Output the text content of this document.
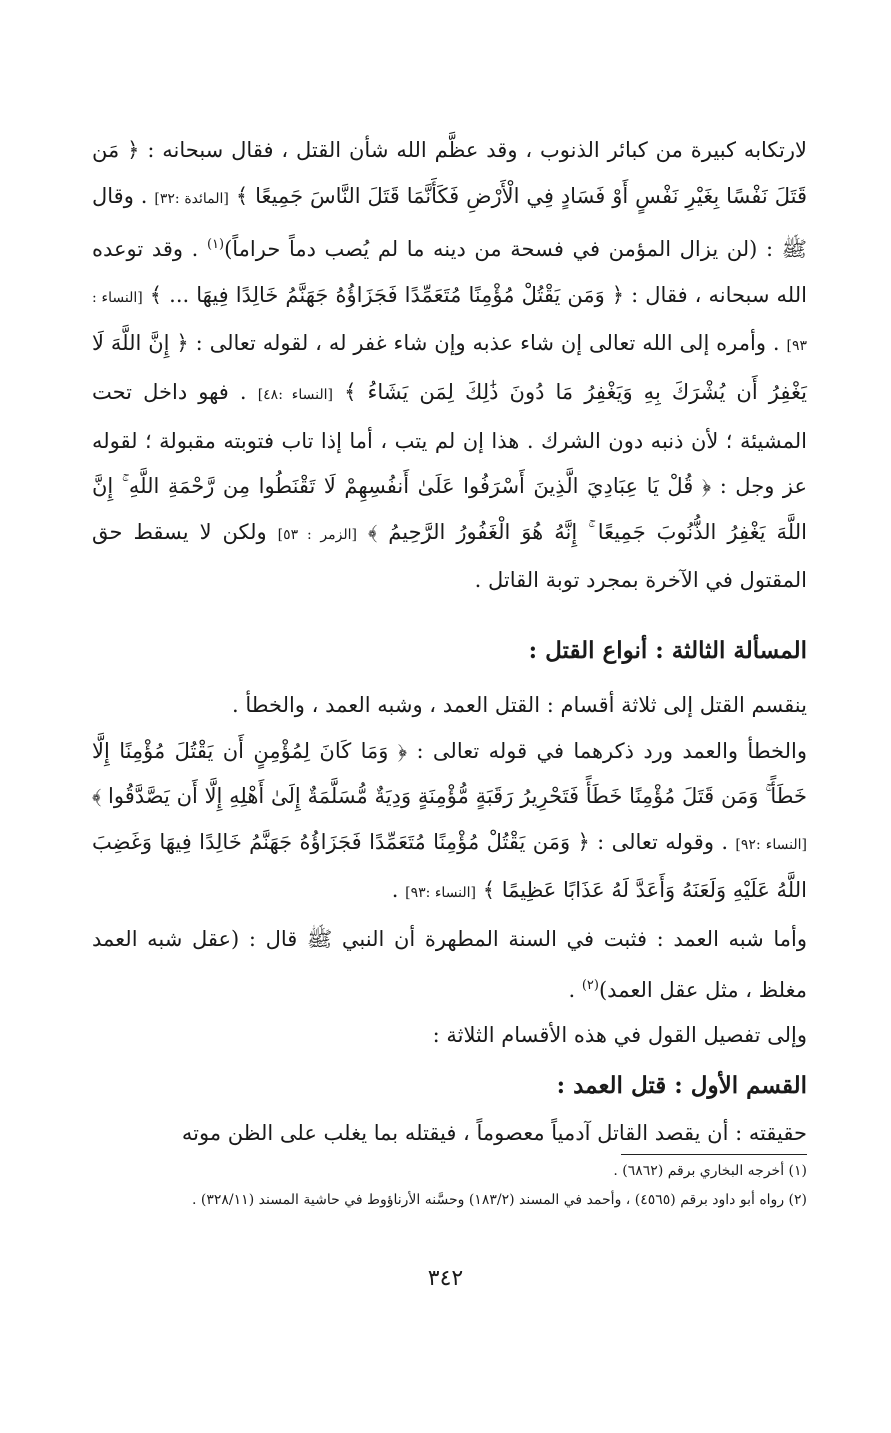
لارتكابه كبيرة من كبائر الذنوب ، وقد عظَّم الله شأن القتل ، فقال سبحانه : ﴿ مَن قَتَلَ نَفْسًا بِغَيْرِ نَفْسٍ أَوْ فَسَادٍ فِي الْأَرْضِ فَكَأَنَّمَا قَتَلَ النَّاسَ جَمِيعًا ﴾ [المائدة :٣٢] . وقال ﷺ : (لن يزال المؤمن في فسحة من دينه ما لم يُصب دماً حراماً)$^{(١)}$ . وقد توعده الله سبحانه ، فقال : ﴿ وَمَن يَقْتُلْ مُؤْمِنًا مُتَعَمِّدًا فَجَزَاؤُهُ جَهَنَّمُ خَالِدًا فِيهَا ... ﴾ [النساء : ٩٣] . وأمره إلى الله تعالى إن شاء عذبه وإن شاء غفر له ، لقوله تعالى : ﴿ إِنَّ اللَّهَ لَا يَغْفِرُ أَن يُشْرَكَ بِهِ وَيَغْفِرُ مَا دُونَ ذَٰلِكَ لِمَن يَشَاءُ ﴾ [النساء :٤٨] . فهو داخل تحت المشيئة ؛ لأن ذنبه دون الشرك . هذا إن لم يتب ، أما إذا تاب فتوبته مقبولة ؛ لقوله عز وجل : ﴿ قُلْ يَا عِبَادِيَ الَّذِينَ أَسْرَفُوا عَلَىٰ أَنفُسِهِمْ لَا تَقْنَطُوا مِن رَّحْمَةِ اللَّهِ ۚ إِنَّ اللَّهَ يَغْفِرُ الذُّنُوبَ جَمِيعًا ۚ إِنَّهُ هُوَ الْغَفُورُ الرَّحِيمُ ﴾ [الزمر : ٥٣] ولكن لا يسقط حق المقتول في الآخرة بمجرد توبة القاتل .

المسألة الثالثة : أنواع القتل :

ينقسم القتل إلى ثلاثة أقسام : القتل العمد ، وشبه العمد ، والخطأ .

والخطأ والعمد ورد ذكرهما في قوله تعالى : ﴿ وَمَا كَانَ لِمُؤْمِنٍ أَن يَقْتُلَ مُؤْمِنًا إِلَّا خَطَأً ۚ وَمَن قَتَلَ مُؤْمِنًا خَطَأً فَتَحْرِيرُ رَقَبَةٍ مُّؤْمِنَةٍ وَدِيَةٌ مُّسَلَّمَةٌ إِلَىٰ أَهْلِهِ إِلَّا أَن يَصَّدَّقُوا ﴾ [النساء :٩٢] . وقوله تعالى : ﴿ وَمَن يَقْتُلْ مُؤْمِنًا مُتَعَمِّدًا فَجَزَاؤُهُ جَهَنَّمُ خَالِدًا فِيهَا وَغَضِبَ اللَّهُ عَلَيْهِ وَلَعَنَهُ وَأَعَدَّ لَهُ عَذَابًا عَظِيمًا ﴾ [النساء :٩٣] .

وأما شبه العمد : فثبت في السنة المطهرة أن النبي ﷺ قال : (عقل شبه العمد مغلظ ، مثل عقل العمد)$^{(٢)}$ .

وإلى تفصيل القول في هذه الأقسام الثلاثة :

القسم الأول : قتل العمد :

حقيقته : أن يقصد القاتل آدمياً معصوماً ، فيقتله بما يغلب على الظن موته

(١) أخرجه البخاري برقم (٦٨٦٢) .

(٢) رواه أبو داود برقم (٤٥٦٥) ، وأحمد في المسند (١٨٣/٢) وحسَّنه الأرناؤوط في حاشية المسند (٣٢٨/١١) .

٣٤٢
